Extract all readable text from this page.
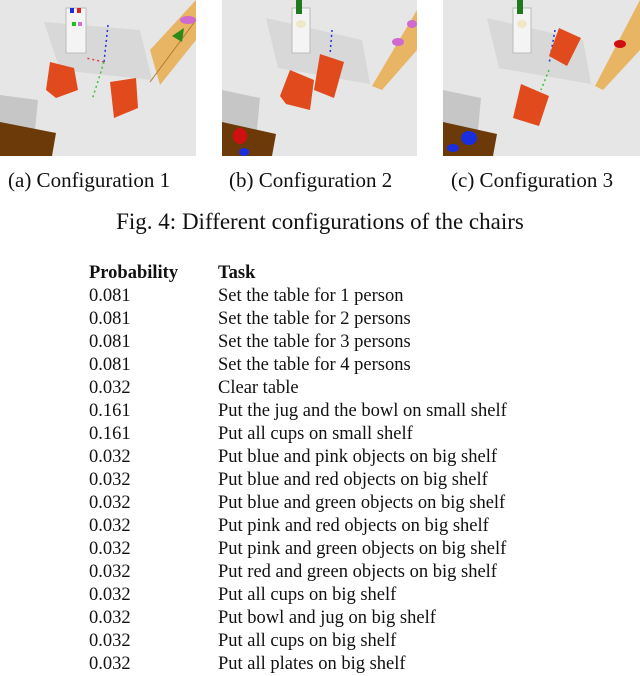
(a) Configuration 1	(b) Configuration 2	(c) Configuration 3
Fig. 4: Different configurations of the chairs
Probability	Task
0.081	Set the table for 1 person
0.081	Set the table for 2 persons
0.081	Set the table for 3 persons
0.081	Set the table for 4 persons
0.032	Clear table
0.161	Put the jug and the bowl on small shelf
0.161	Put all cups on small shelf
0.032	Put blue and pink objects on big shelf
0.032	Put blue and red objects on big shelf
0.032	Put blue and green objects on big shelf
0.032	Put pink and red objects on big shelf
0.032	Put pink and green objects on big shelf
0.032	Put red and green objects on big shelf
0.032	Put all cups on big shelf
0.032	Put bowl and jug on big shelf
0.032	Put all cups on big shelf
0.032	Put all plates on big shelf
